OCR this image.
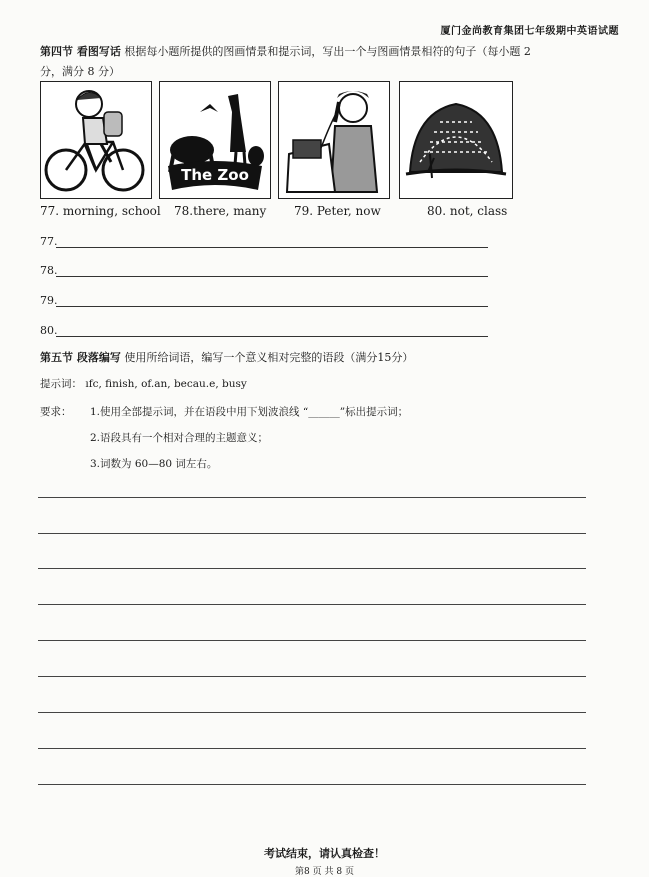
厦门金尚教育集团七年级期中英语试题
第四节 看图写话 根据每小题所提供的图画情景和提示词，写出一个与图画情景相符的句子（每小题 2
分，满分 8 分）
The Zoo
77. morning, school 78.there, many 79. Peter, now	80. not, class
77.
78.
79.
80.
第五节 段落编写 使用所给词语，编写一个意义相对完整的语段（满分15分）
提示词： ıfc, finish, of.an, becau.e, busy
要求： 1.使用全部提示词，并在语段中用下划波浪线 “______”标出提示词；
2.语段具有一个相对合理的主题意义；
3.词数为 60—80 词左右。
考试结束，请认真检查！
第8 页 共 8 页
